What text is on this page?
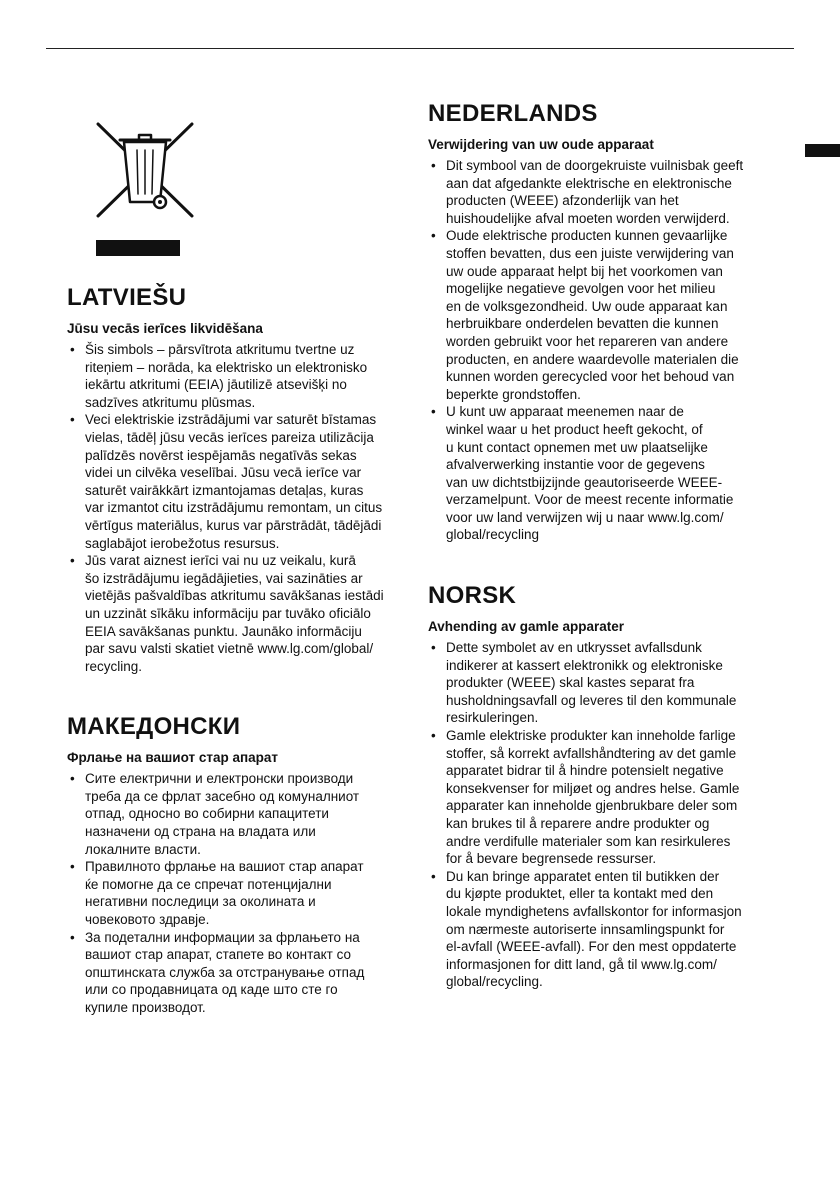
LATVIEŠU
Jūsu vecās ierīces likvidēšana
• Šis simbols – pārsvītrota atkritumu tvertne uz
riteņiem – norāda, ka elektrisko un elektronisko
iekārtu atkritumi (EEIA) jāutilizē atsevišķi no
sadzīves atkritumu plūsmas.
• Veci elektriskie izstrādājumi var saturēt bīstamas
vielas, tādēļ jūsu vecās ierīces pareiza utilizācija
palīdzēs novērst iespējamās negatīvās sekas
videi un cilvēka veselībai. Jūsu vecā ierīce var
saturēt vairākkārt izmantojamas detaļas, kuras
var izmantot citu izstrādājumu remontam, un citus
vērtīgus materiālus, kurus var pārstrādāt, tādējādi
saglabājot ierobežotus resursus.
• Jūs varat aiznest ierīci vai nu uz veikalu, kurā
šo izstrādājumu iegādājieties, vai sazināties ar
vietējās pašvaldības atkritumu savākšanas iestādi
un uzzināt sīkāku informāciju par tuvāko oficiālo
EEIA savākšanas punktu. Jaunāko informāciju
par savu valsti skatiet vietnē www.lg.com/global/
recycling.
МАКЕДОНСКИ
Фрлање на вашиот стар апарат
• Сите електрични и електронски производи
треба да се фрлат засебно од комуналниот
отпад, односно во собирни капацитети
назначени од страна на владата или
локалните власти.
• Правилното фрлање на вашиот стар апарат
ќе помогне да се спречат потенцијални
негативни последици за околината и
човековото здравје.
• За подетални информации за фрлањето на
вашиот стар апарат, стапете во контакт со
општинската служба за отстранување отпад
или со продавницата од каде што сте го
купиле производот.
NEDERLANDS
Verwijdering van uw oude apparaat
• Dit symbool van de doorgekruiste vuilnisbak geeft
aan dat afgedankte elektrische en elektronische
producten (WEEE) afzonderlijk van het
huishoudelijke afval moeten worden verwijderd.
• Oude elektrische producten kunnen gevaarlijke
stoffen bevatten, dus een juiste verwijdering van
uw oude apparaat helpt bij het voorkomen van
mogelijke negatieve gevolgen voor het milieu
en de volksgezondheid. Uw oude apparaat kan
herbruikbare onderdelen bevatten die kunnen
worden gebruikt voor het repareren van andere
producten, en andere waardevolle materialen die
kunnen worden gerecycled voor het behoud van
beperkte grondstoffen.
• U kunt uw apparaat meenemen naar de
winkel waar u het product heeft gekocht, of
u kunt contact opnemen met uw plaatselijke
afvalverwerking instantie voor de gegevens
van uw dichtstbijzijnde geautoriseerde WEEE-
verzamelpunt. Voor de meest recente informatie
voor uw land verwijzen wij u naar www.lg.com/
global/recycling
NORSK
Avhending av gamle apparater
• Dette symbolet av en utkrysset avfallsdunk
indikerer at kassert elektronikk og elektroniske
produkter (WEEE) skal kastes separat fra
husholdningsavfall og leveres til den kommunale
resirkuleringen.
• Gamle elektriske produkter kan inneholde farlige
stoffer, så korrekt avfallshåndtering av det gamle
apparatet bidrar til å hindre potensielt negative
konsekvenser for miljøet og andres helse. Gamle
apparater kan inneholde gjenbrukbare deler som
kan brukes til å reparere andre produkter og
andre verdifulle materialer som kan resirkuleres
for å bevare begrensede ressurser.
• Du kan bringe apparatet enten til butikken der
du kjøpte produktet, eller ta kontakt med den
lokale myndighetens avfallskontor for informasjon
om nærmeste autoriserte innsamlingspunkt for
el-avfall (WEEE-avfall). For den mest oppdaterte
informasjonen for ditt land, gå til www.lg.com/
global/recycling.
